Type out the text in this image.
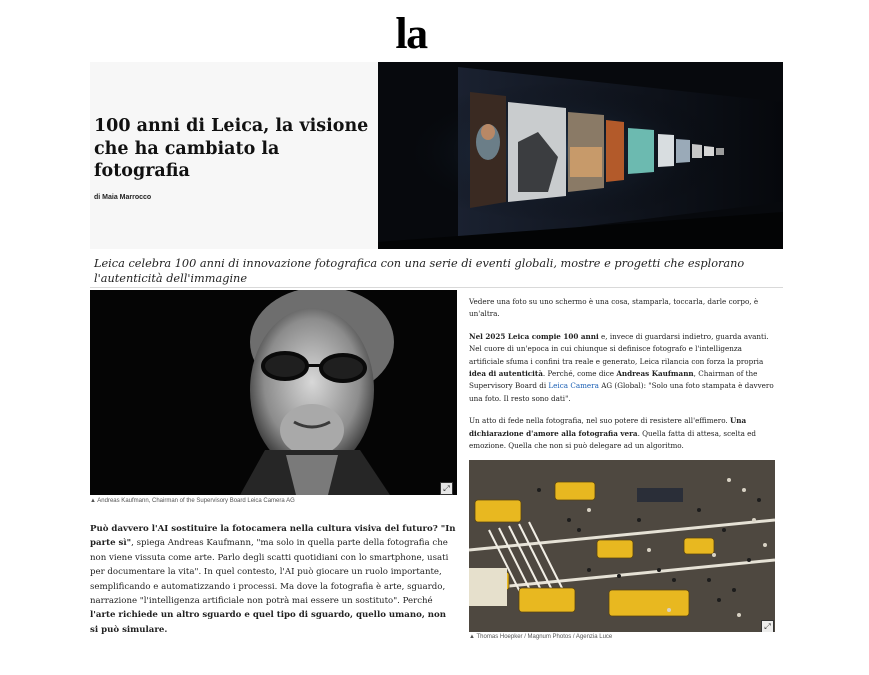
la
100 anni di Leica, la visione che ha cambiato la fotografia
di Maia Marrocco

Leica celebra 100 anni di innovazione fotografica con una serie di eventi globali, mostre e progetti che esplorano l'autenticità dell'immagine

⤢
▲ Andreas Kaufmann, Chairman of the Supervisory Board Leica Camera AG

Può davvero l'AI sostituire la fotocamera nella cultura visiva del futuro? "In parte sì", spiega Andreas Kaufmann, "ma solo in quella parte della fotografia che non viene vissuta come arte. Parlo degli scatti quotidiani con lo smartphone, usati per documentare la vita". In quel contesto, l'AI può giocare un ruolo importante, semplificando e automatizzando i processi. Ma dove la fotografia è arte, sguardo, narrazione "l'intelligenza artificiale non potrà mai essere un sostituto". Perché l'arte richiede un altro sguardo e quel tipo di sguardo, quello umano, non si può simulare.

Vedere una foto su uno schermo è una cosa, stamparla, toccarla, darle corpo, è un'altra.

Nel 2025 Leica compie 100 anni e, invece di guardarsi indietro, guarda avanti. Nel cuore di un'epoca in cui chiunque si definisce fotografo e l'intelligenza artificiale sfuma i confini tra reale e generato, Leica rilancia con forza la propria idea di autenticità. Perché, come dice Andreas Kaufmann, Chairman of the Supervisory Board di Leica Camera AG (Global): "Solo una foto stampata è davvero una foto. Il resto sono dati".

Un atto di fede nella fotografia, nel suo potere di resistere all'effimero. Una dichiarazione d'amore alla fotografia vera. Quella fatta di attesa, scelta ed emozione. Quella che non si può delegare ad un algoritmo.

⤢
▲ Thomas Hoepker / Magnum Photos / Agenzia Luce
